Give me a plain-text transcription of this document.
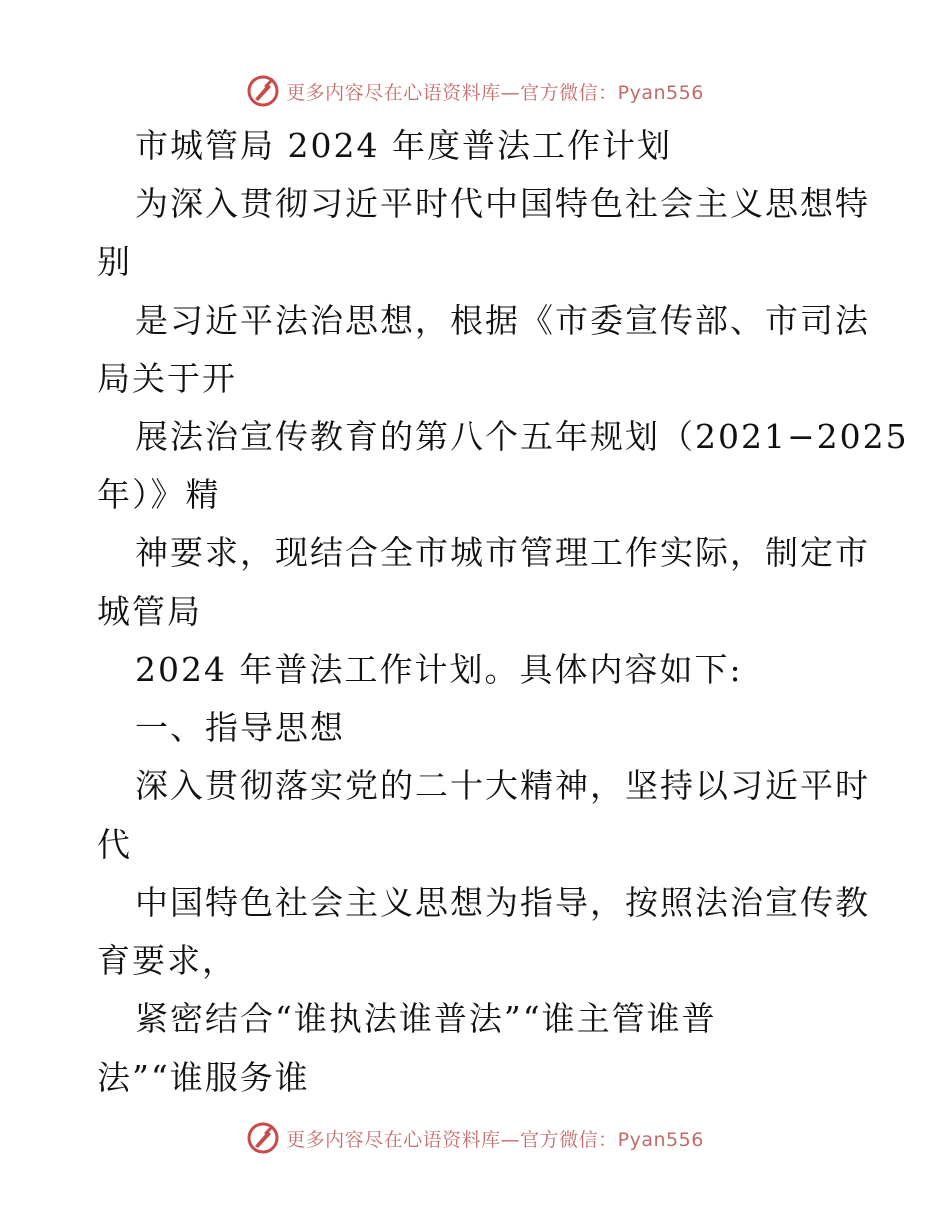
更多内容尽在心语资料库—官方微信：Pyan556
市城管局 2024 年度普法工作计划
为深入贯彻习近平时代中国特色社会主义思想特
别
是习近平法治思想，根据《市委宣传部、市司法
局关于开
展法治宣传教育的第八个五年规划（2021−2025
年）》精
神要求，现结合全市城市管理工作实际，制定市
城管局
2024 年普法工作计划。具体内容如下:
一、指导思想
深入贯彻落实党的二十大精神，坚持以习近平时
代
中国特色社会主义思想为指导，按照法治宣传教
育要求，
紧密结合“谁执法谁普法”“谁主管谁普
法”“谁服务谁
更多内容尽在心语资料库—官方微信：Pyan556
